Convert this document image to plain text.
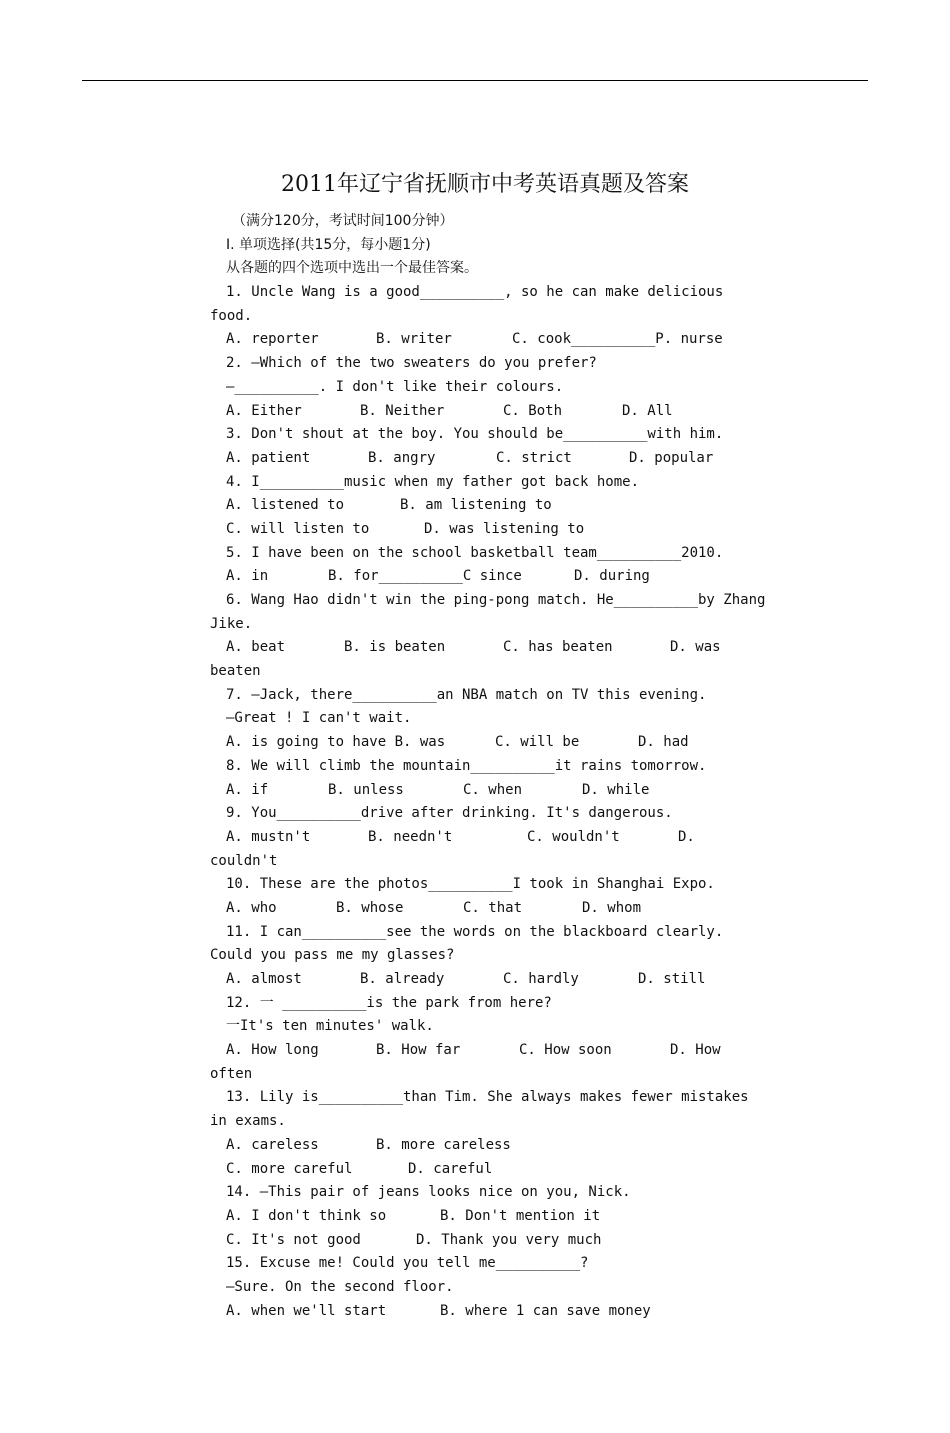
2011年辽宁省抚顺市中考英语真题及答案
（满分120分，考试时间100分钟）
I. 单项选择(共15分，每小题1分)
从各题的四个选项中选出一个最佳答案。
1. Uncle Wang is a good__________, so he can make delicious
food.
A. reporter	B. writer	C. cook__________P. nurse
2. —Which of the two sweaters do you prefer?
—__________. I don't like their colours.
A. Either	B. Neither	C. Both	D. All
3. Don't shout at the boy. You should be__________with him.
A. patient	B. angry	C. strict	D. popular
4. I__________music when my father got back home.
A. listened to	B. am listening to
C. will listen to	D. was listening to
5. I have been on the school basketball team__________2010.
A. in	B. for__________C since	D. during
6. Wang Hao didn't win the ping-pong match. He__________by Zhang
Jike.
A. beat	B. is beaten	C. has beaten	D. was
beaten
7. —Jack, there__________an NBA match on TV this evening.
—Great ! I can't wait.
A. is going to have B. was	C. will be	D. had
8. We will climb the mountain__________it rains tomorrow.
A. if	B. unless	C. when	D. while
9. You__________drive after drinking. It's dangerous.
A. mustn't	B. needn't	C. wouldn't	D.
couldn't
10. These are the photos__________I took in Shanghai Expo.
A. who	B. whose	C. that	D. whom
11. I can__________see the words on the blackboard clearly.
Could you pass me my glasses?
A. almost	B. already	C. hardly	D. still
12. 一 __________is the park from here?
一It's ten minutes' walk.
A. How long	B. How far	C. How soon	D. How
often
13. Lily is__________than Tim. She always makes fewer mistakes
in exams.
A. careless	B. more careless
C. more careful	D. careful
14. —This pair of jeans looks nice on you, Nick.
A. I don't think so	B. Don't mention it
C. It's not good	D. Thank you very much
15. Excuse me! Could you tell me__________?
—Sure. On the second floor.
A. when we'll start	B. where 1 can save money
